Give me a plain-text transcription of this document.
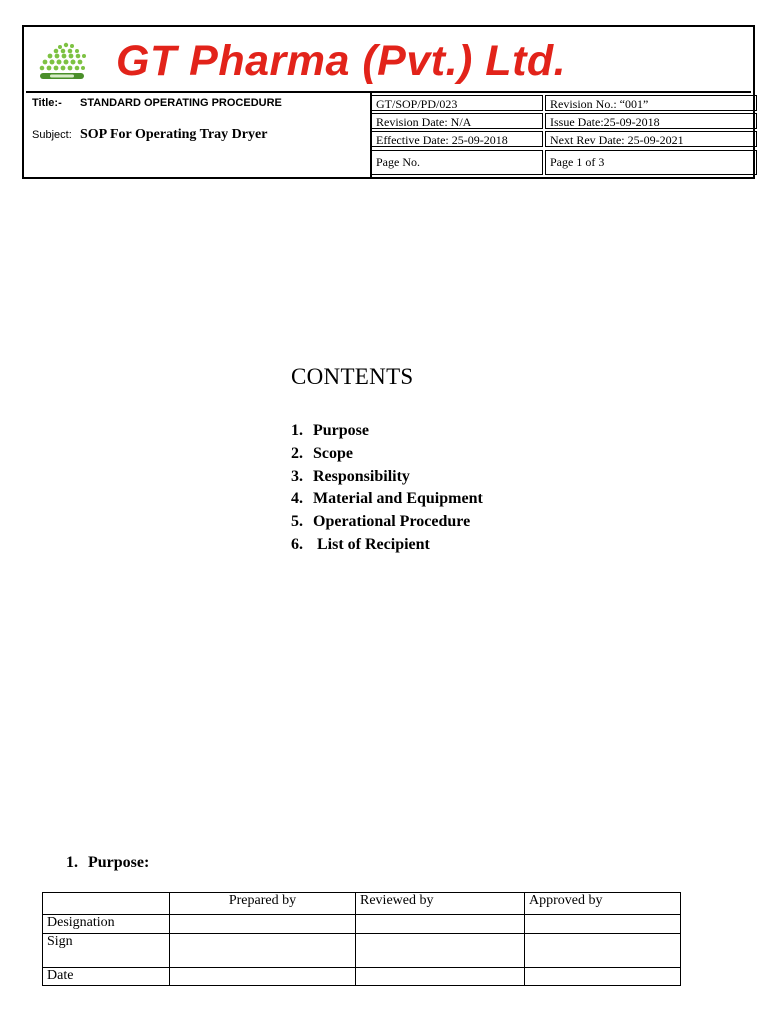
GT Pharma (Pvt.) Ltd.
Title:- STANDARD OPERATING PROCEDURE
Subject: SOP For Operating Tray Dryer
GT/SOP/PD/023	Revision No.: “001”
Revision Date: N/A	Issue Date:25-09-2018
Effective Date: 25-09-2018	Next Rev Date: 25-09-2021
Page No.	Page 1 of 3
CONTENTS
1. Purpose
2. Scope
3. Responsibility
4. Material and Equipment
5. Operational Procedure
6. List of Recipient
1. Purpose:
	Prepared by	Reviewed by	Approved by
Designation			
Sign			
Date			
